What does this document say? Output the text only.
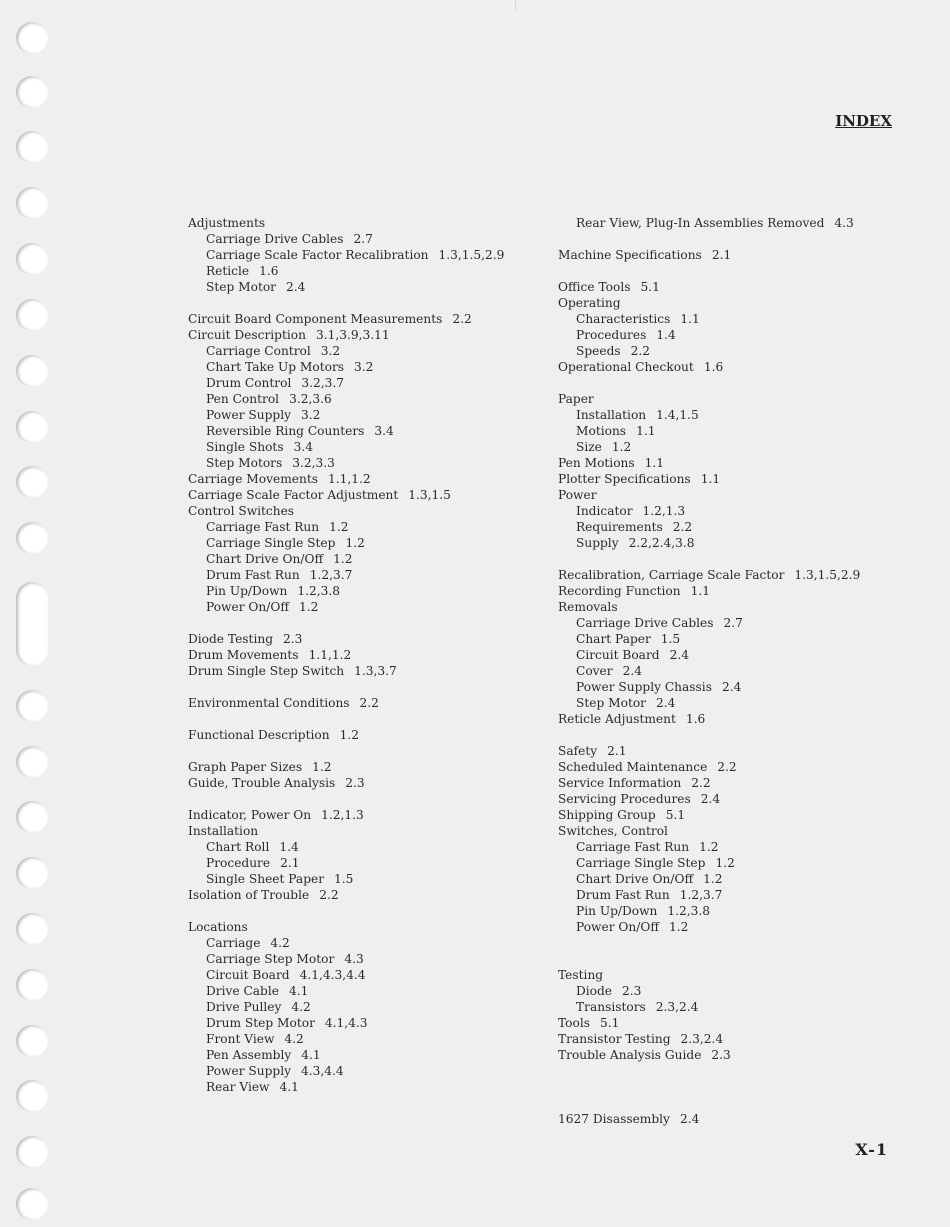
INDEX
Adjustments
Carriage Drive Cables 2.7
Carriage Scale Factor Recalibration 1.3,1.5,2.9
Reticle 1.6
Step Motor 2.4
Circuit Board Component Measurements 2.2
Circuit Description 3.1,3.9,3.11
Carriage Control 3.2
Chart Take Up Motors 3.2
Drum Control 3.2,3.7
Pen Control 3.2,3.6
Power Supply 3.2
Reversible Ring Counters 3.4
Single Shots 3.4
Step Motors 3.2,3.3
Carriage Movements 1.1,1.2
Carriage Scale Factor Adjustment 1.3,1.5
Control Switches
Carriage Fast Run 1.2
Carriage Single Step 1.2
Chart Drive On/Off 1.2
Drum Fast Run 1.2,3.7
Pin Up/Down 1.2,3.8
Power On/Off 1.2
Diode Testing 2.3
Drum Movements 1.1,1.2
Drum Single Step Switch 1.3,3.7
Environmental Conditions 2.2
Functional Description 1.2
Graph Paper Sizes 1.2
Guide, Trouble Analysis 2.3
Indicator, Power On 1.2,1.3
Installation
Chart Roll 1.4
Procedure 2.1
Single Sheet Paper 1.5
Isolation of Trouble 2.2
Locations
Carriage 4.2
Carriage Step Motor 4.3
Circuit Board 4.1,4.3,4.4
Drive Cable 4.1
Drive Pulley 4.2
Drum Step Motor 4.1,4.3
Front View 4.2
Pen Assembly 4.1
Power Supply 4.3,4.4
Rear View 4.1
Rear View, Plug-In Assemblies Removed 4.3
Machine Specifications 2.1
Office Tools 5.1
Operating
Characteristics 1.1
Procedures 1.4
Speeds 2.2
Operational Checkout 1.6
Paper
Installation 1.4,1.5
Motions 1.1
Size 1.2
Pen Motions 1.1
Plotter Specifications 1.1
Power
Indicator 1.2,1.3
Requirements 2.2
Supply 2.2,2.4,3.8
Recalibration, Carriage Scale Factor 1.3,1.5,2.9
Recording Function 1.1
Removals
Carriage Drive Cables 2.7
Chart Paper 1.5
Circuit Board 2.4
Cover 2.4
Power Supply Chassis 2.4
Step Motor 2.4
Reticle Adjustment 1.6
Safety 2.1
Scheduled Maintenance 2.2
Service Information 2.2
Servicing Procedures 2.4
Shipping Group 5.1
Switches, Control
Carriage Fast Run 1.2
Carriage Single Step 1.2
Chart Drive On/Off 1.2
Drum Fast Run 1.2,3.7
Pin Up/Down 1.2,3.8
Power On/Off 1.2
Testing
Diode 2.3
Transistors 2.3,2.4
Tools 5.1
Transistor Testing 2.3,2.4
Trouble Analysis Guide 2.3
1627 Disassembly 2.4
X-1
